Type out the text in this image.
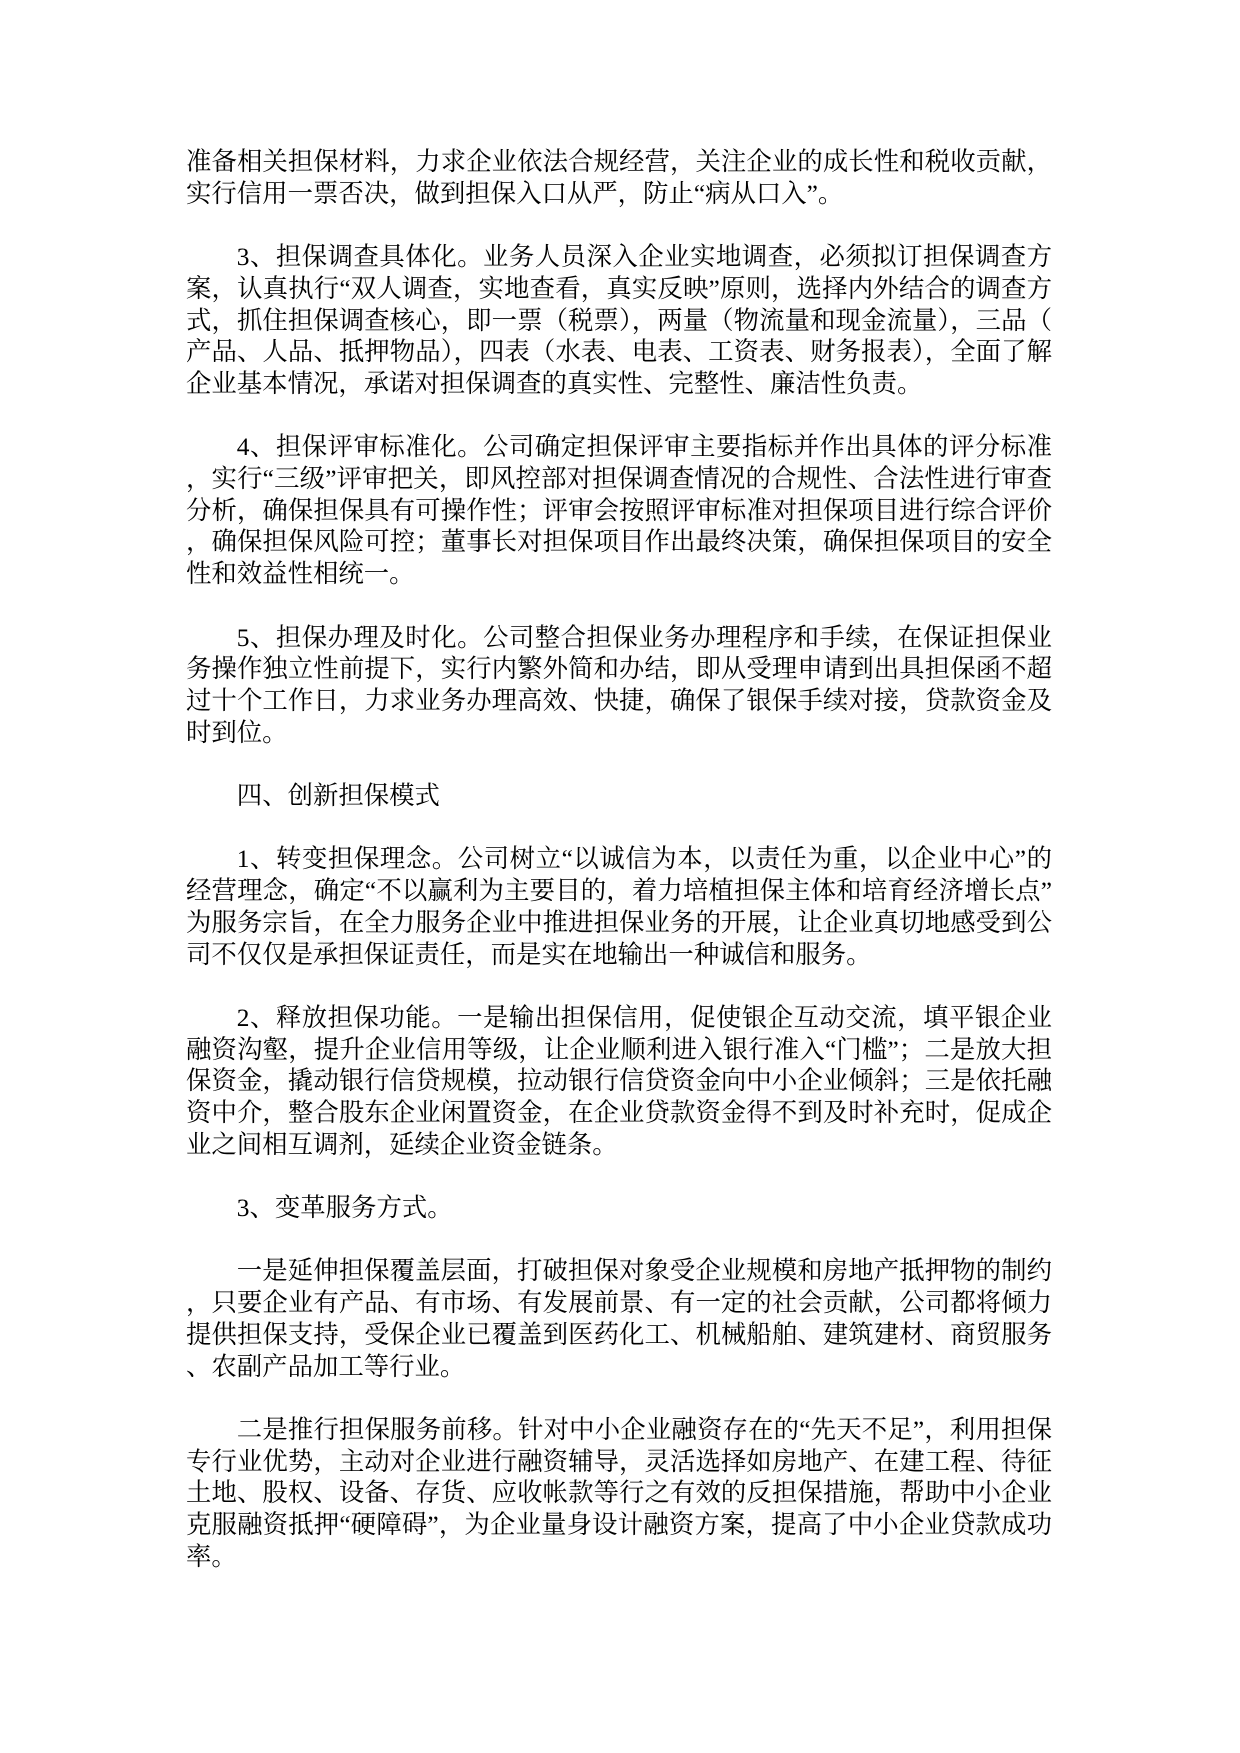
准备相关担保材料，力求企业依法合规经营，关注企业的成长性和税收贡献，实行信用一票否决，做到担保入口从严，防止“病从口入”。

3、担保调查具体化。业务人员深入企业实地调查，必须拟订担保调查方案，认真执行“双人调查，实地查看，真实反映”原则，选择内外结合的调查方式，抓住担保调查核心，即一票（税票），两量（物流量和现金流量），三品（产品、人品、抵押物品），四表（水表、电表、工资表、财务报表），全面了解企业基本情况，承诺对担保调查的真实性、完整性、廉洁性负责。

4、担保评审标准化。公司确定担保评审主要指标并作出具体的评分标准，实行“三级”评审把关，即风控部对担保调查情况的合规性、合法性进行审查分析，确保担保具有可操作性；评审会按照评审标准对担保项目进行综合评价，确保担保风险可控；董事长对担保项目作出最终决策，确保担保项目的安全性和效益性相统一。

5、担保办理及时化。公司整合担保业务办理程序和手续，在保证担保业务操作独立性前提下，实行内繁外简和办结，即从受理申请到出具担保函不超过十个工作日，力求业务办理高效、快捷，确保了银保手续对接，贷款资金及时到位。

四、创新担保模式

1、转变担保理念。公司树立“以诚信为本，以责任为重，以企业中心”的经营理念，确定“不以赢利为主要目的，着力培植担保主体和培育经济增长点”为服务宗旨，在全力服务企业中推进担保业务的开展，让企业真切地感受到公司不仅仅是承担保证责任，而是实在地输出一种诚信和服务。

2、释放担保功能。一是输出担保信用，促使银企互动交流，填平银企业融资沟壑，提升企业信用等级，让企业顺利进入银行准入“门槛”；二是放大担保资金，撬动银行信贷规模，拉动银行信贷资金向中小企业倾斜；三是依托融资中介，整合股东企业闲置资金，在企业贷款资金得不到及时补充时，促成企业之间相互调剂，延续企业资金链条。

3、变革服务方式。

一是延伸担保覆盖层面，打破担保对象受企业规模和房地产抵押物的制约，只要企业有产品、有市场、有发展前景、有一定的社会贡献，公司都将倾力提供担保支持，受保企业已覆盖到医药化工、机械船舶、建筑建材、商贸服务、农副产品加工等行业。

二是推行担保服务前移。针对中小企业融资存在的“先天不足”，利用担保专行业优势，主动对企业进行融资辅导，灵活选择如房地产、在建工程、待征土地、股权、设备、存货、应收帐款等行之有效的反担保措施，帮助中小企业克服融资抵押“硬障碍”，为企业量身设计融资方案，提高了中小企业贷款成功率。
